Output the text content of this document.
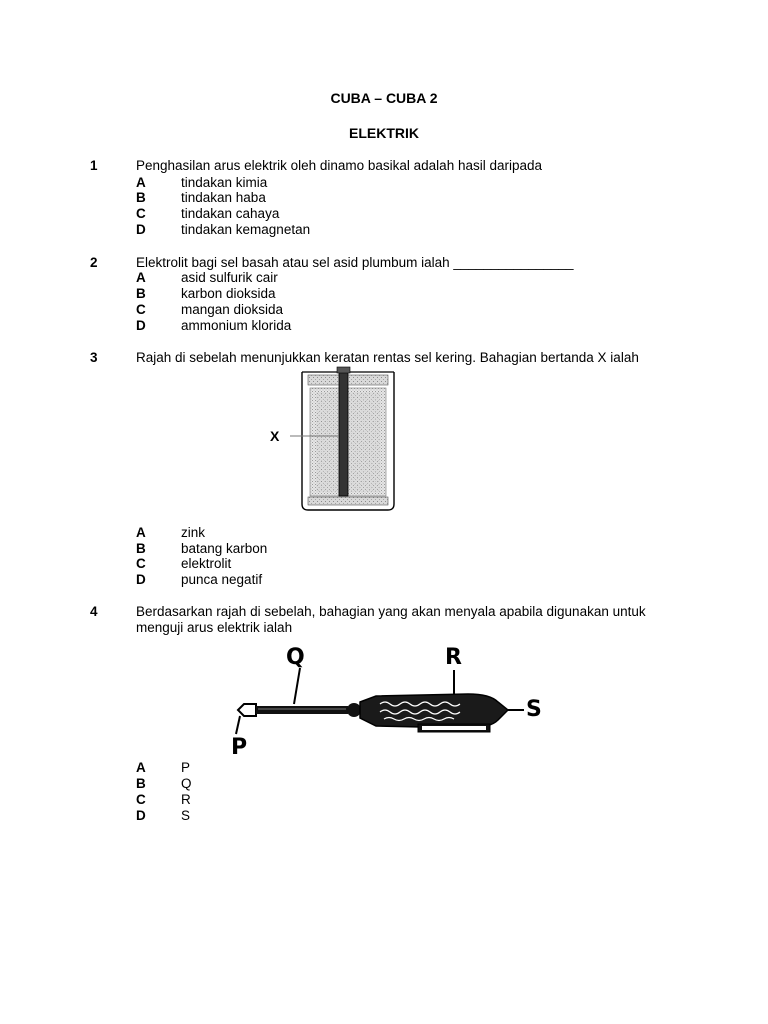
CUBA – CUBA 2
ELEKTRIK
1	Penghasilan arus elektrik oleh dinamo basikal adalah hasil daripada
A	tindakan kimia
B	tindakan haba
C	tindakan cahaya
D	tindakan kemagnetan
2	Elektrolit bagi sel basah atau sel asid plumbum ialah ________________
A	asid sulfurik cair
B	karbon dioksida
C	mangan dioksida
D	ammonium klorida
3	Rajah di sebelah menunjukkan keratan rentas sel kering. Bahagian bertanda X ialah
X
A	zink
B	batang karbon
C	elektrolit
D	punca negatif
4	Berdasarkan rajah di sebelah, bahagian yang akan menyala apabila digunakan untuk
menguji arus elektrik ialah
Q	R
S
P
A	P
B	Q
C	R
D	S
